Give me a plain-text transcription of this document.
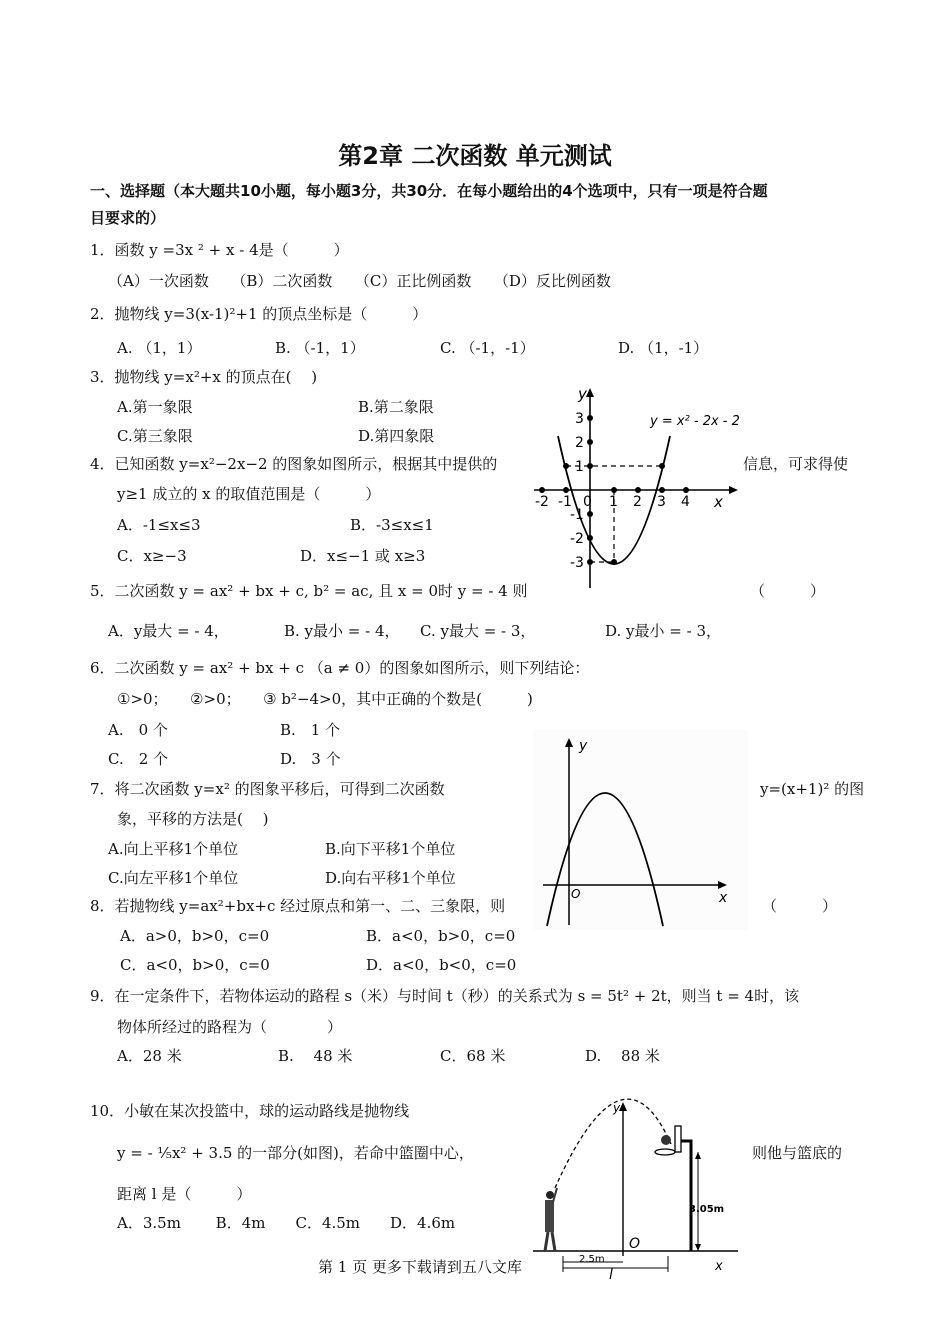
第2章 二次函数 单元测试
一、选择题（本大题共10小题，每小题3分，共30分．在每小题给出的4个选项中，只有一项是符合题
目要求的）
1．函数 y =3x ² + x - 4是（　　　）
（A）一次函数　　（B）二次函数　　（C）正比例函数　　（D）反比例函数
2．抛物线 y=3(x-1)²+1 的顶点坐标是（　　　）
A. （1，1）	B. （-1，1）	C. （-1，-1）	D. （1，-1）
3．抛物线 y=x²+x 的顶点在(　 )
A.第一象限	B.第二象限
C.第三象限	D.第四象限
4．已知函数 y=x²−2x−2 的图象如图所示，根据其中提供的	信息，可求得使
y≥1 成立的 x 的取值范围是（　　　）
A．-1≤x≤3	B．-3≤x≤1
C．x≥−3	D．x≤−1 或 x≥3
5．二次函数 y = ax² + bx + c, b² = ac, 且 x = 0时 y = - 4 则	（　　　）
A．y最大 = - 4，	B. y最小 = - 4， C. y最大 = - 3，	D. y最小 = - 3，
6．二次函数 y = ax² + bx + c （a ≠ 0）的图象如图所示，则下列结论：
①>0；　　②>0；　　③ b²−4>0，其中正确的个数是(　　　)
A.　0 个	B.　1 个
C.　2 个	D.　3 个
7．将二次函数 y=x² 的图象平移后，可得到二次函数	y=(x+1)² 的图
象，平移的方法是(　 )
A.向上平移1个单位	B.向下平移1个单位
C.向左平移1个单位	D.向右平移1个单位
8．若抛物线 y=ax²+bx+c 经过原点和第一、二、三象限，则	（　　　）
A．a>0，b>0，c=0	B．a<0，b>0，c=0
C．a<0，b>0，c=0	D．a<0，b<0，c=0
9．在一定条件下，若物体运动的路程 s（米）与时间 t（秒）的关系式为 s = 5t² + 2t，则当 t = 4时，该
物体所经过的路程为（　　　　）
A．28 米	B.　 48 米	C．68 米	D.　 88 米
10．小敏在某次投篮中，球的运动路线是抛物线
y = - ⅕x² + 3.5 的一部分(如图)，若命中篮圈中心，	则他与篮底的
距离 l 是（　　　）
A．3.5m　　 B．4m　　C．4.5m　　D．4.6m
第 1 页 更多下载请到五八文库
y
x
y = x² - 2x - 2
-2 -1 0 1 2 3 4
3
2
1
-1
-2
-3
y
x
O
3.05m
2.5m
l
O
y
x
